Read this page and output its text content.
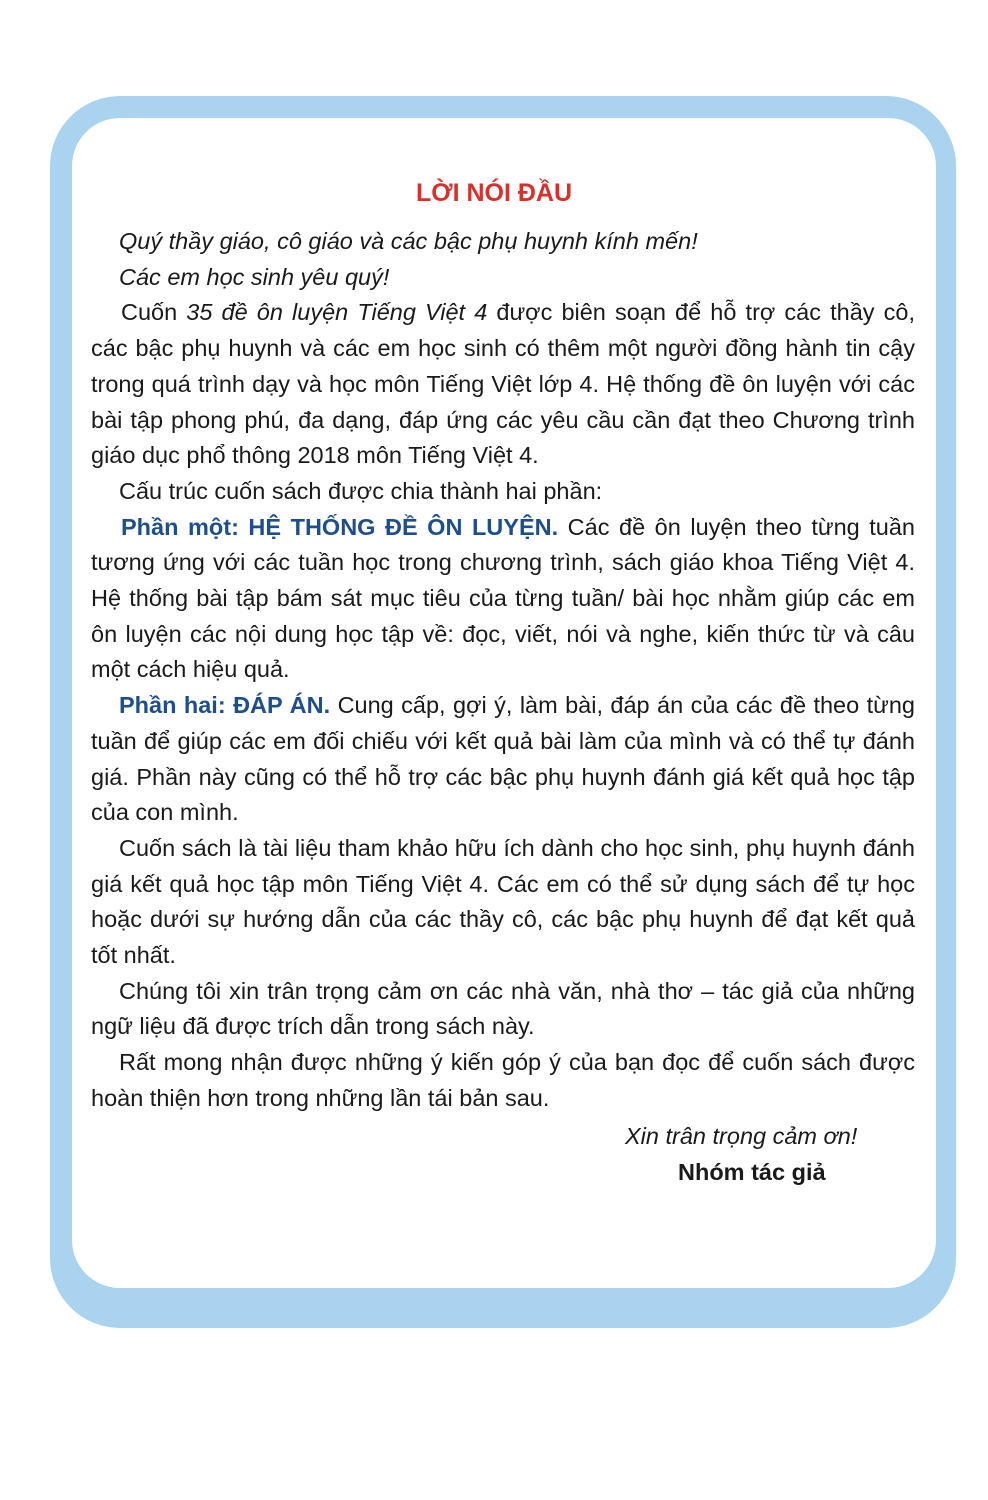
LỜI NÓI ĐẦU

Quý thầy giáo, cô giáo và các bậc phụ huynh kính mến!

Các em học sinh yêu quý!

Cuốn 35 đề ôn luyện Tiếng Việt 4 được biên soạn để hỗ trợ các thầy cô, các bậc phụ huynh và các em học sinh có thêm một người đồng hành tin cậy trong quá trình dạy và học môn Tiếng Việt lớp 4. Hệ thống đề ôn luyện với các bài tập phong phú, đa dạng, đáp ứng các yêu cầu cần đạt theo Chương trình giáo dục phổ thông 2018 môn Tiếng Việt 4.

Cấu trúc cuốn sách được chia thành hai phần:

Phần một: HỆ THỐNG ĐỀ ÔN LUYỆN. Các đề ôn luyện theo từng tuần tương ứng với các tuần học trong chương trình, sách giáo khoa Tiếng Việt 4. Hệ thống bài tập bám sát mục tiêu của từng tuần/ bài học nhằm giúp các em ôn luyện các nội dung học tập về: đọc, viết, nói và nghe, kiến thức từ và câu một cách hiệu quả.

Phần hai: ĐÁP ÁN. Cung cấp, gợi ý, làm bài, đáp án của các đề theo từng tuần để giúp các em đối chiếu với kết quả bài làm của mình và có thể tự đánh giá. Phần này cũng có thể hỗ trợ các bậc phụ huynh đánh giá kết quả học tập của con mình.

Cuốn sách là tài liệu tham khảo hữu ích dành cho học sinh, phụ huynh đánh giá kết quả học tập môn Tiếng Việt 4. Các em có thể sử dụng sách để tự học hoặc dưới sự hướng dẫn của các thầy cô, các bậc phụ huynh để đạt kết quả tốt nhất.

Chúng tôi xin trân trọng cảm ơn các nhà văn, nhà thơ – tác giả của những ngữ liệu đã được trích dẫn trong sách này.

Rất mong nhận được những ý kiến góp ý của bạn đọc để cuốn sách được hoàn thiện hơn trong những lần tái bản sau.

Xin trân trọng cảm ơn!
Nhóm tác giả
